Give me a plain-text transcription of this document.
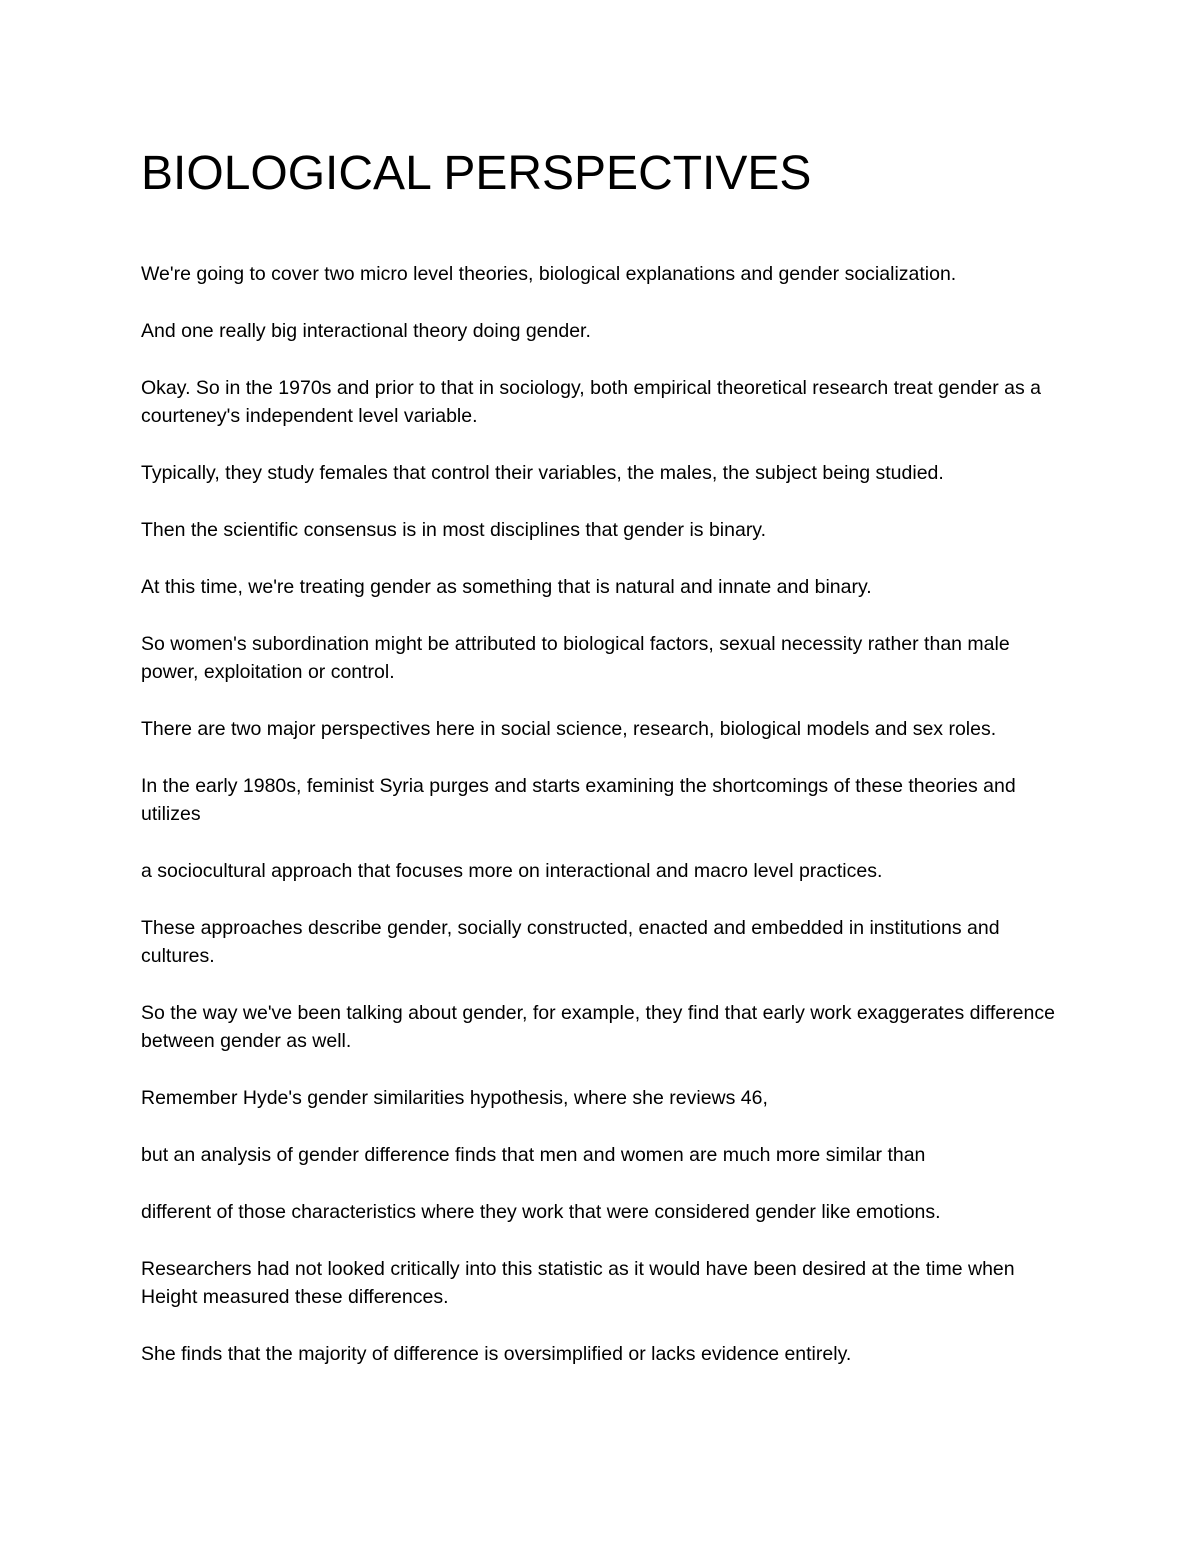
BIOLOGICAL PERSPECTIVES

We're going to cover two micro level theories, biological explanations and gender socialization.

And one really big interactional theory doing gender.

Okay. So in the 1970s and prior to that in sociology, both empirical theoretical research treat gender as a courteney's independent level variable.

Typically, they study females that control their variables, the males, the subject being studied.

Then the scientific consensus is in most disciplines that gender is binary.

At this time, we're treating gender as something that is natural and innate and binary.

So women's subordination might be attributed to biological factors, sexual necessity rather than male power, exploitation or control.

There are two major perspectives here in social science, research, biological models and sex roles.

In the early 1980s, feminist Syria purges and starts examining the shortcomings of these theories and utilizes

a sociocultural approach that focuses more on interactional and macro level practices.

These approaches describe gender, socially constructed, enacted and embedded in institutions and cultures.

So the way we've been talking about gender, for example, they find that early work exaggerates difference between gender as well.

Remember Hyde's gender similarities hypothesis, where she reviews 46,

but an analysis of gender difference finds that men and women are much more similar than

different of those characteristics where they work that were considered gender like emotions.

Researchers had not looked critically into this statistic as it would have been desired at the time when Height measured these differences.

She finds that the majority of difference is oversimplified or lacks evidence entirely.
